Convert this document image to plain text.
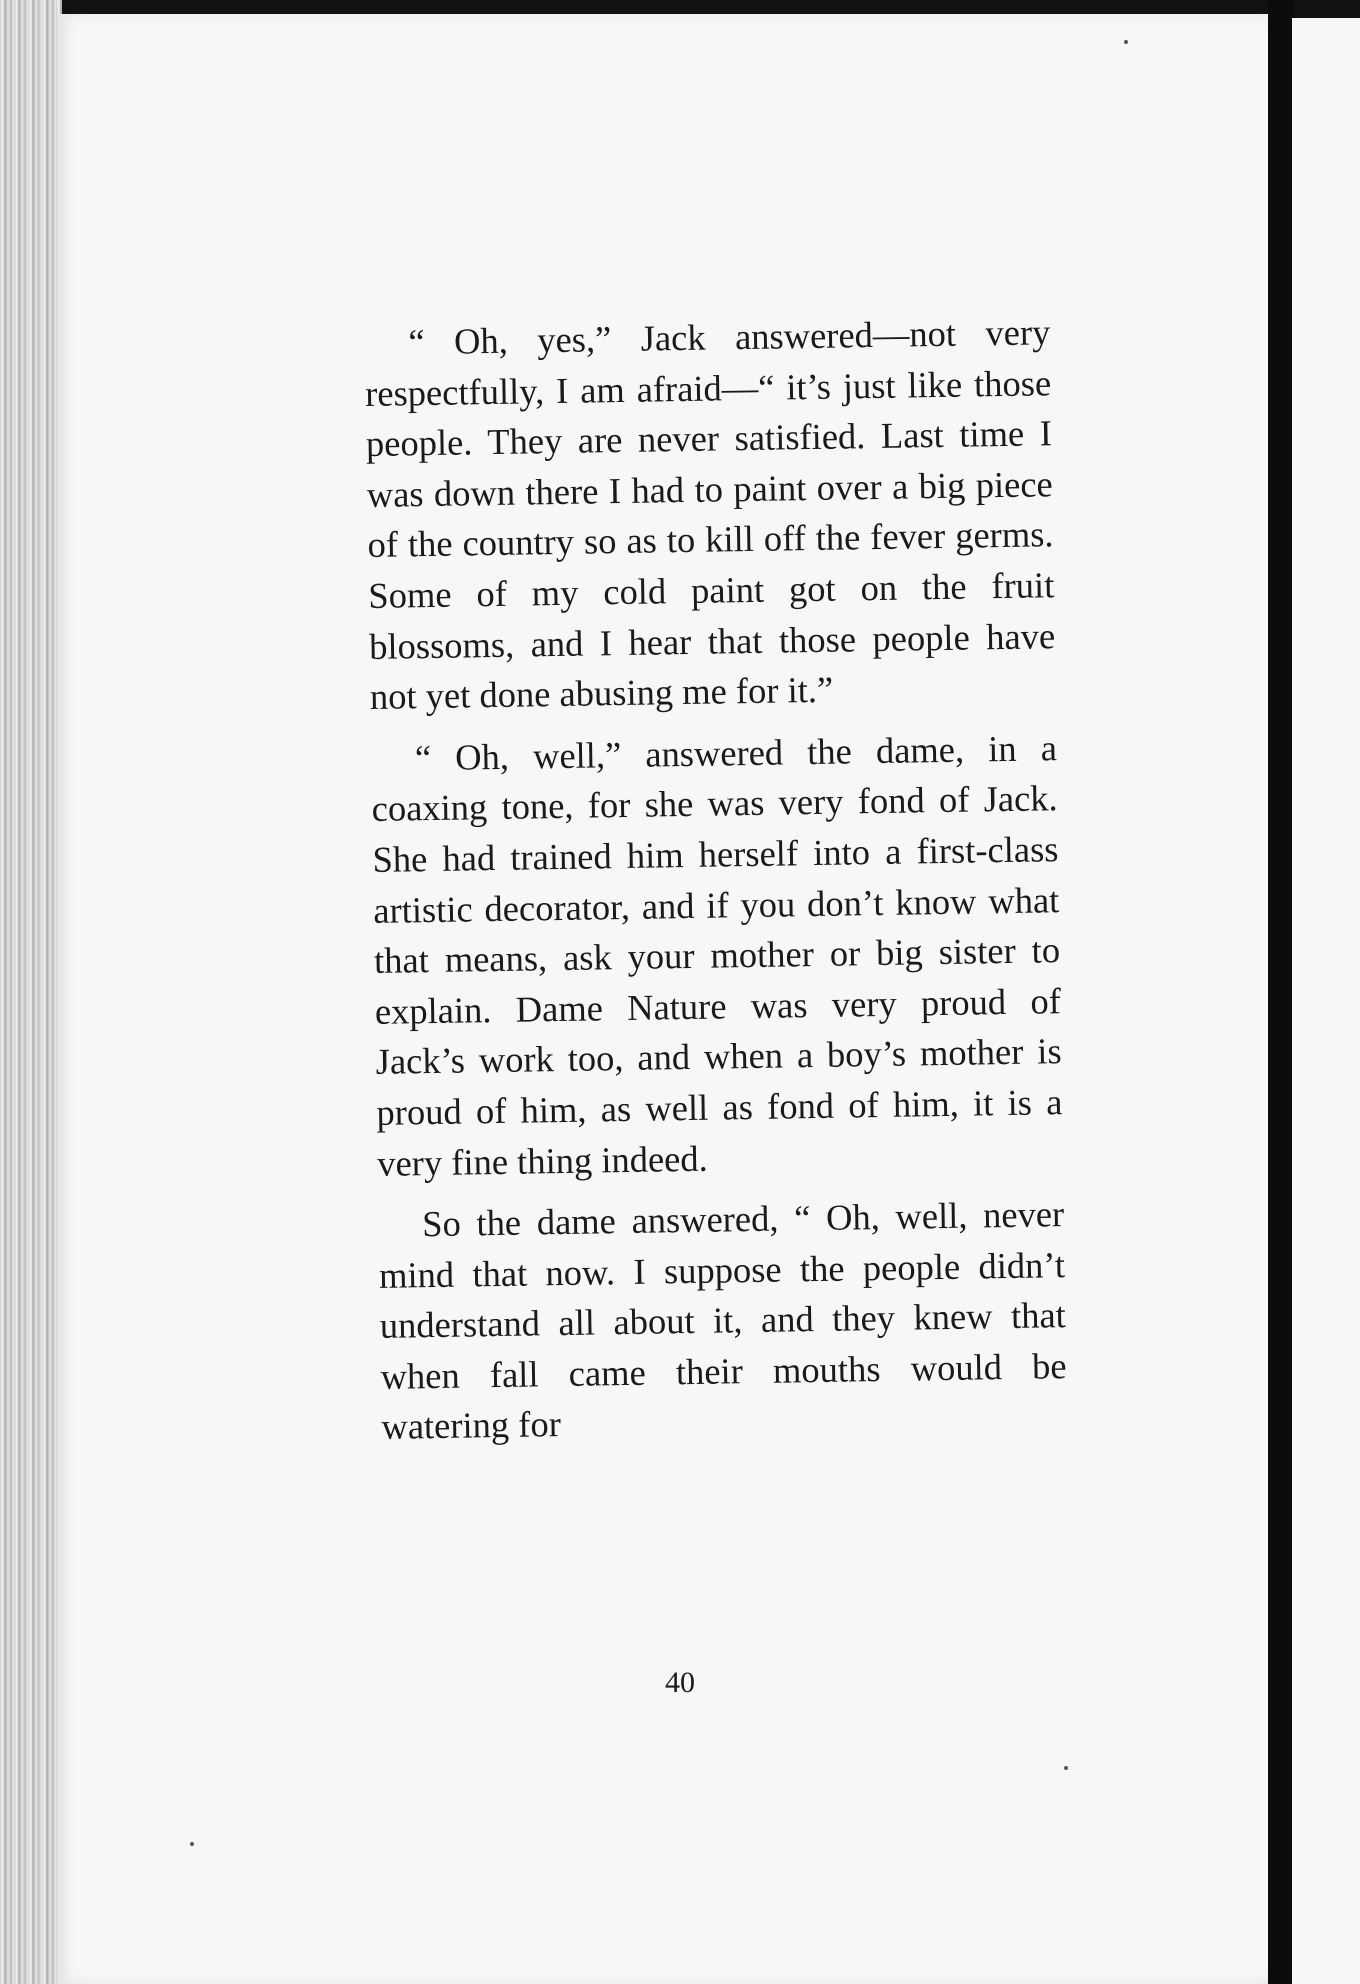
“ Oh, yes,” Jack answered—not very respectfully, I am afraid—“ it’s just like those people. They are never satisfied. Last time I was down there I had to paint over a big piece of the country so as to kill off the fever germs. Some of my cold paint got on the fruit blossoms, and I hear that those people have not yet done abusing me for it.”

“ Oh, well,” answered the dame, in a coaxing tone, for she was very fond of Jack. She had trained him herself into a first-class artistic decorator, and if you don’t know what that means, ask your mother or big sister to explain. Dame Nature was very proud of Jack’s work too, and when a boy’s mother is proud of him, as well as fond of him, it is a very fine thing indeed.

So the dame answered, “ Oh, well, never mind that now. I suppose the people didn’t understand all about it, and they knew that when fall came their mouths would be watering for

40
